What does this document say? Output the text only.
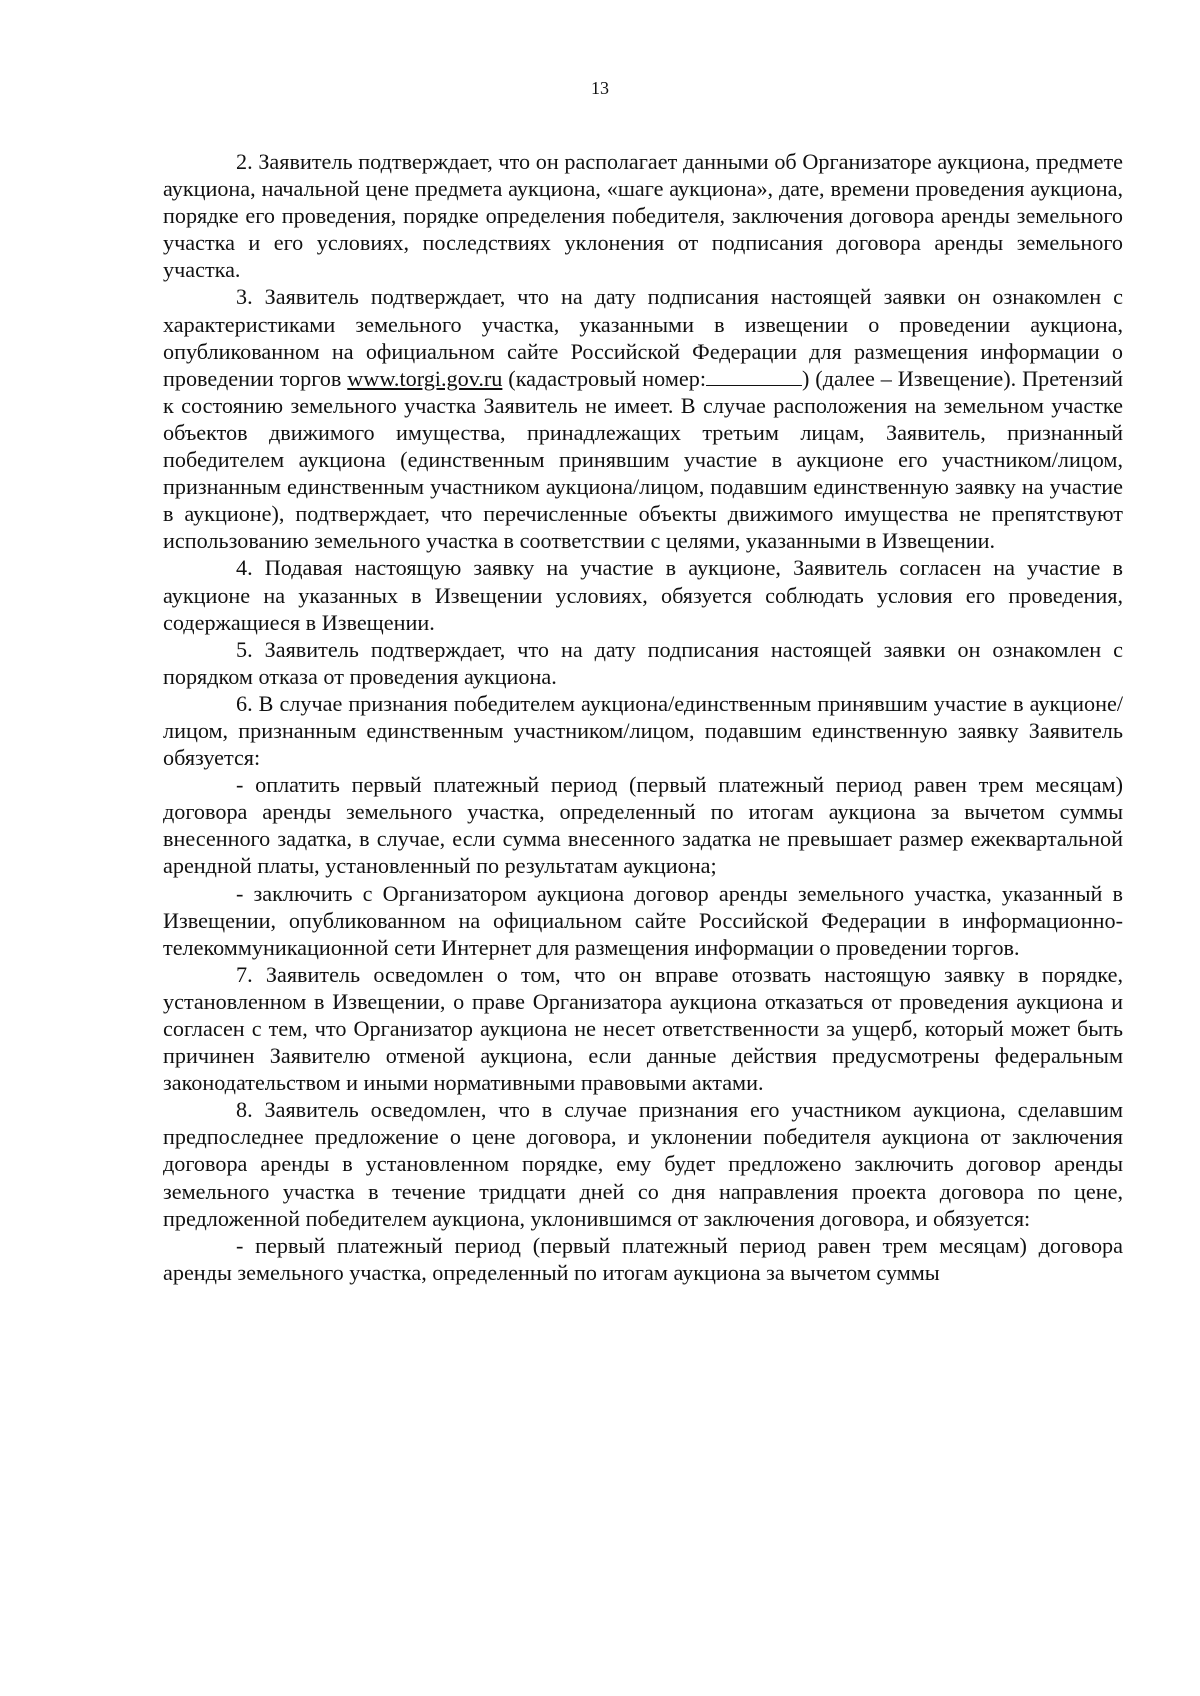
13

2. Заявитель подтверждает, что он располагает данными об Организаторе аукциона, предмете аукциона, начальной цене предмета аукциона, «шаге аукциона», дате, времени проведения аукциона, порядке его проведения, порядке определения победителя, заключения договора аренды земельного участка и его условиях, последствиях уклонения от подписания договора аренды земельного участка.

3. Заявитель подтверждает, что на дату подписания настоящей заявки он ознакомлен с характеристиками земельного участка, указанными в извещении о проведении аукциона, опубликованном на официальном сайте Российской Федерации для размещения информации о проведении торгов www.torgi.gov.ru (кадастровый номер:	) (далее – Извещение). Претензий к состоянию земельного участка Заявитель не имеет. В случае расположения на земельном участке объектов движимого имущества, принадлежащих третьим лицам, Заявитель, признанный победителем аукциона (единственным принявшим участие в аукционе его участником/лицом, признанным единственным участником аукциона/лицом, подавшим единственную заявку на участие в аукционе), подтверждает, что перечисленные объекты движимого имущества не препятствуют использованию земельного участка в соответствии с целями, указанными в Извещении.

4. Подавая настоящую заявку на участие в аукционе, Заявитель согласен на участие в аукционе на указанных в Извещении условиях, обязуется соблюдать условия его проведения, содержащиеся в Извещении.

5. Заявитель подтверждает, что на дату подписания настоящей заявки он ознакомлен с порядком отказа от проведения аукциона.

6. В случае признания победителем аукциона/единственным принявшим участие в аукционе/лицом, признанным единственным участником/лицом, подавшим единственную заявку Заявитель обязуется:

- оплатить первый платежный период (первый платежный период равен трем месяцам) договора аренды земельного участка, определенный по итогам аукциона за вычетом суммы внесенного задатка, в случае, если сумма внесенного задатка не превышает размер ежеквартальной арендной платы, установленный по результатам аукциона;

- заключить с Организатором аукциона договор аренды земельного участка, указанный в Извещении, опубликованном на официальном сайте Российской Федерации в информационно-телекоммуникационной сети Интернет для размещения информации о проведении торгов.

7. Заявитель осведомлен о том, что он вправе отозвать настоящую заявку в порядке, установленном в Извещении, о праве Организатора аукциона отказаться от проведения аукциона и согласен с тем, что Организатор аукциона не несет ответственности за ущерб, который может быть причинен Заявителю отменой аукциона, если данные действия предусмотрены федеральным законодательством и иными нормативными правовыми актами.

8. Заявитель осведомлен, что в случае признания его участником аукциона, сделавшим предпоследнее предложение о цене договора, и уклонении победителя аукциона от заключения договора аренды в установленном порядке, ему будет предложено заключить договор аренды земельного участка в течение тридцати дней со дня направления проекта договора по цене, предложенной победителем аукциона, уклонившимся от заключения договора, и обязуется:

- первый платежный период (первый платежный период равен трем месяцам) договора аренды земельного участка, определенный по итогам аукциона за вычетом суммы
